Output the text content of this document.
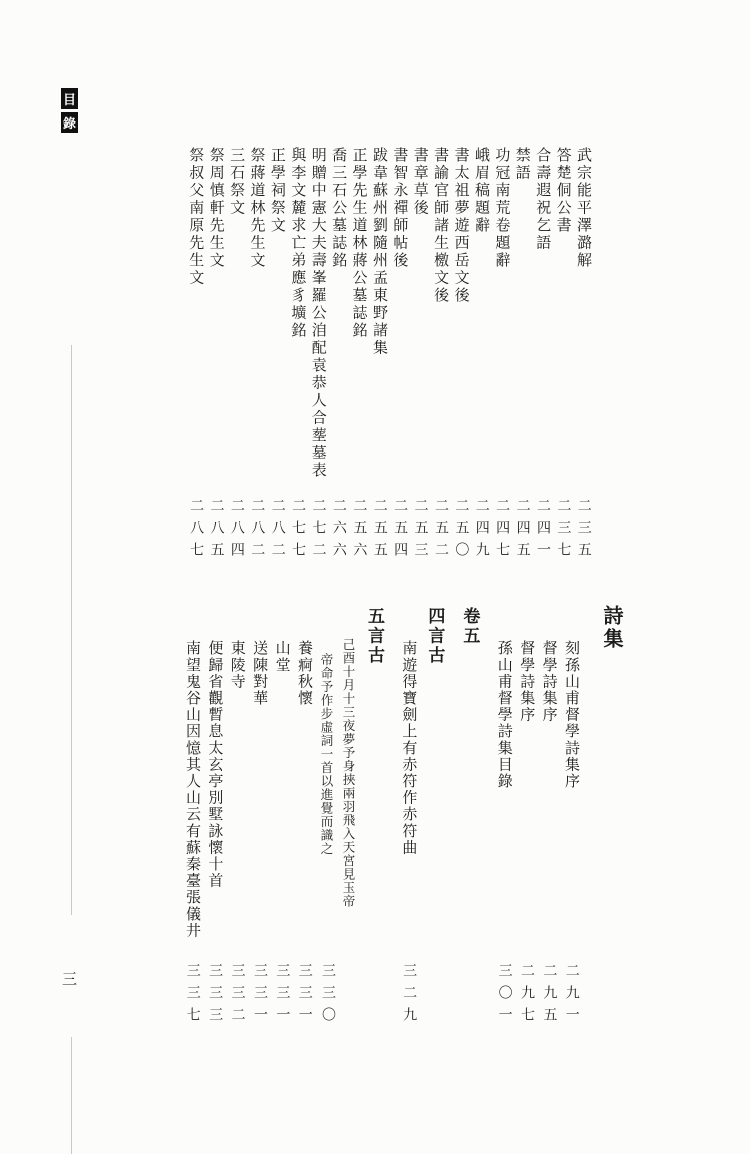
目
錄
三
武宗能平澤潞解
二三五
答楚侗公書
二三七
合壽遐祝乞語
二四一
禁語
二四五
功冠南荒卷題辭
二四七
峨眉稿題辭
二四九
書太祖夢遊西岳文後
二五〇
書諭官師諸生檄文後
二五二
書章草後
二五三
書智永禪師帖後
二五四
跋韋蘇州劉隨州孟東野諸集
二五五
正學先生道林蔣公墓誌銘
二五六
喬三石公墓誌銘
二六六
明贈中憲大夫壽峯羅公洎配袁恭人合塟墓表
二七二
與李文麓求亡弟應豸壙銘
二七七
正學祠祭文
二八二
祭蔣道林先生文
二八二
三石祭文
二八四
祭周慎軒先生文
二八五
祭叔父南原先生文
二八七
詩集
刻孫山甫督學詩集序
二九一
督學詩集序
二九五
督學詩集序
二九七
孫山甫督學詩集目錄
三〇一
卷五
四言古
南遊得寶劍上有赤符作赤符曲
三二九
五言古
己酉十月十三夜夢予身挾兩羽飛入天宮見玉帝
帝命予作步虛詞一首以進覺而識之
三三〇
養痾秋懷
三三一
山堂
三三一
送陳對華
三三一
東陵寺
三三二
便歸省觀暫息太玄亭別墅詠懷十首
三三三
南望鬼谷山因憶其人山云有蘇秦臺張儀井
三三七
